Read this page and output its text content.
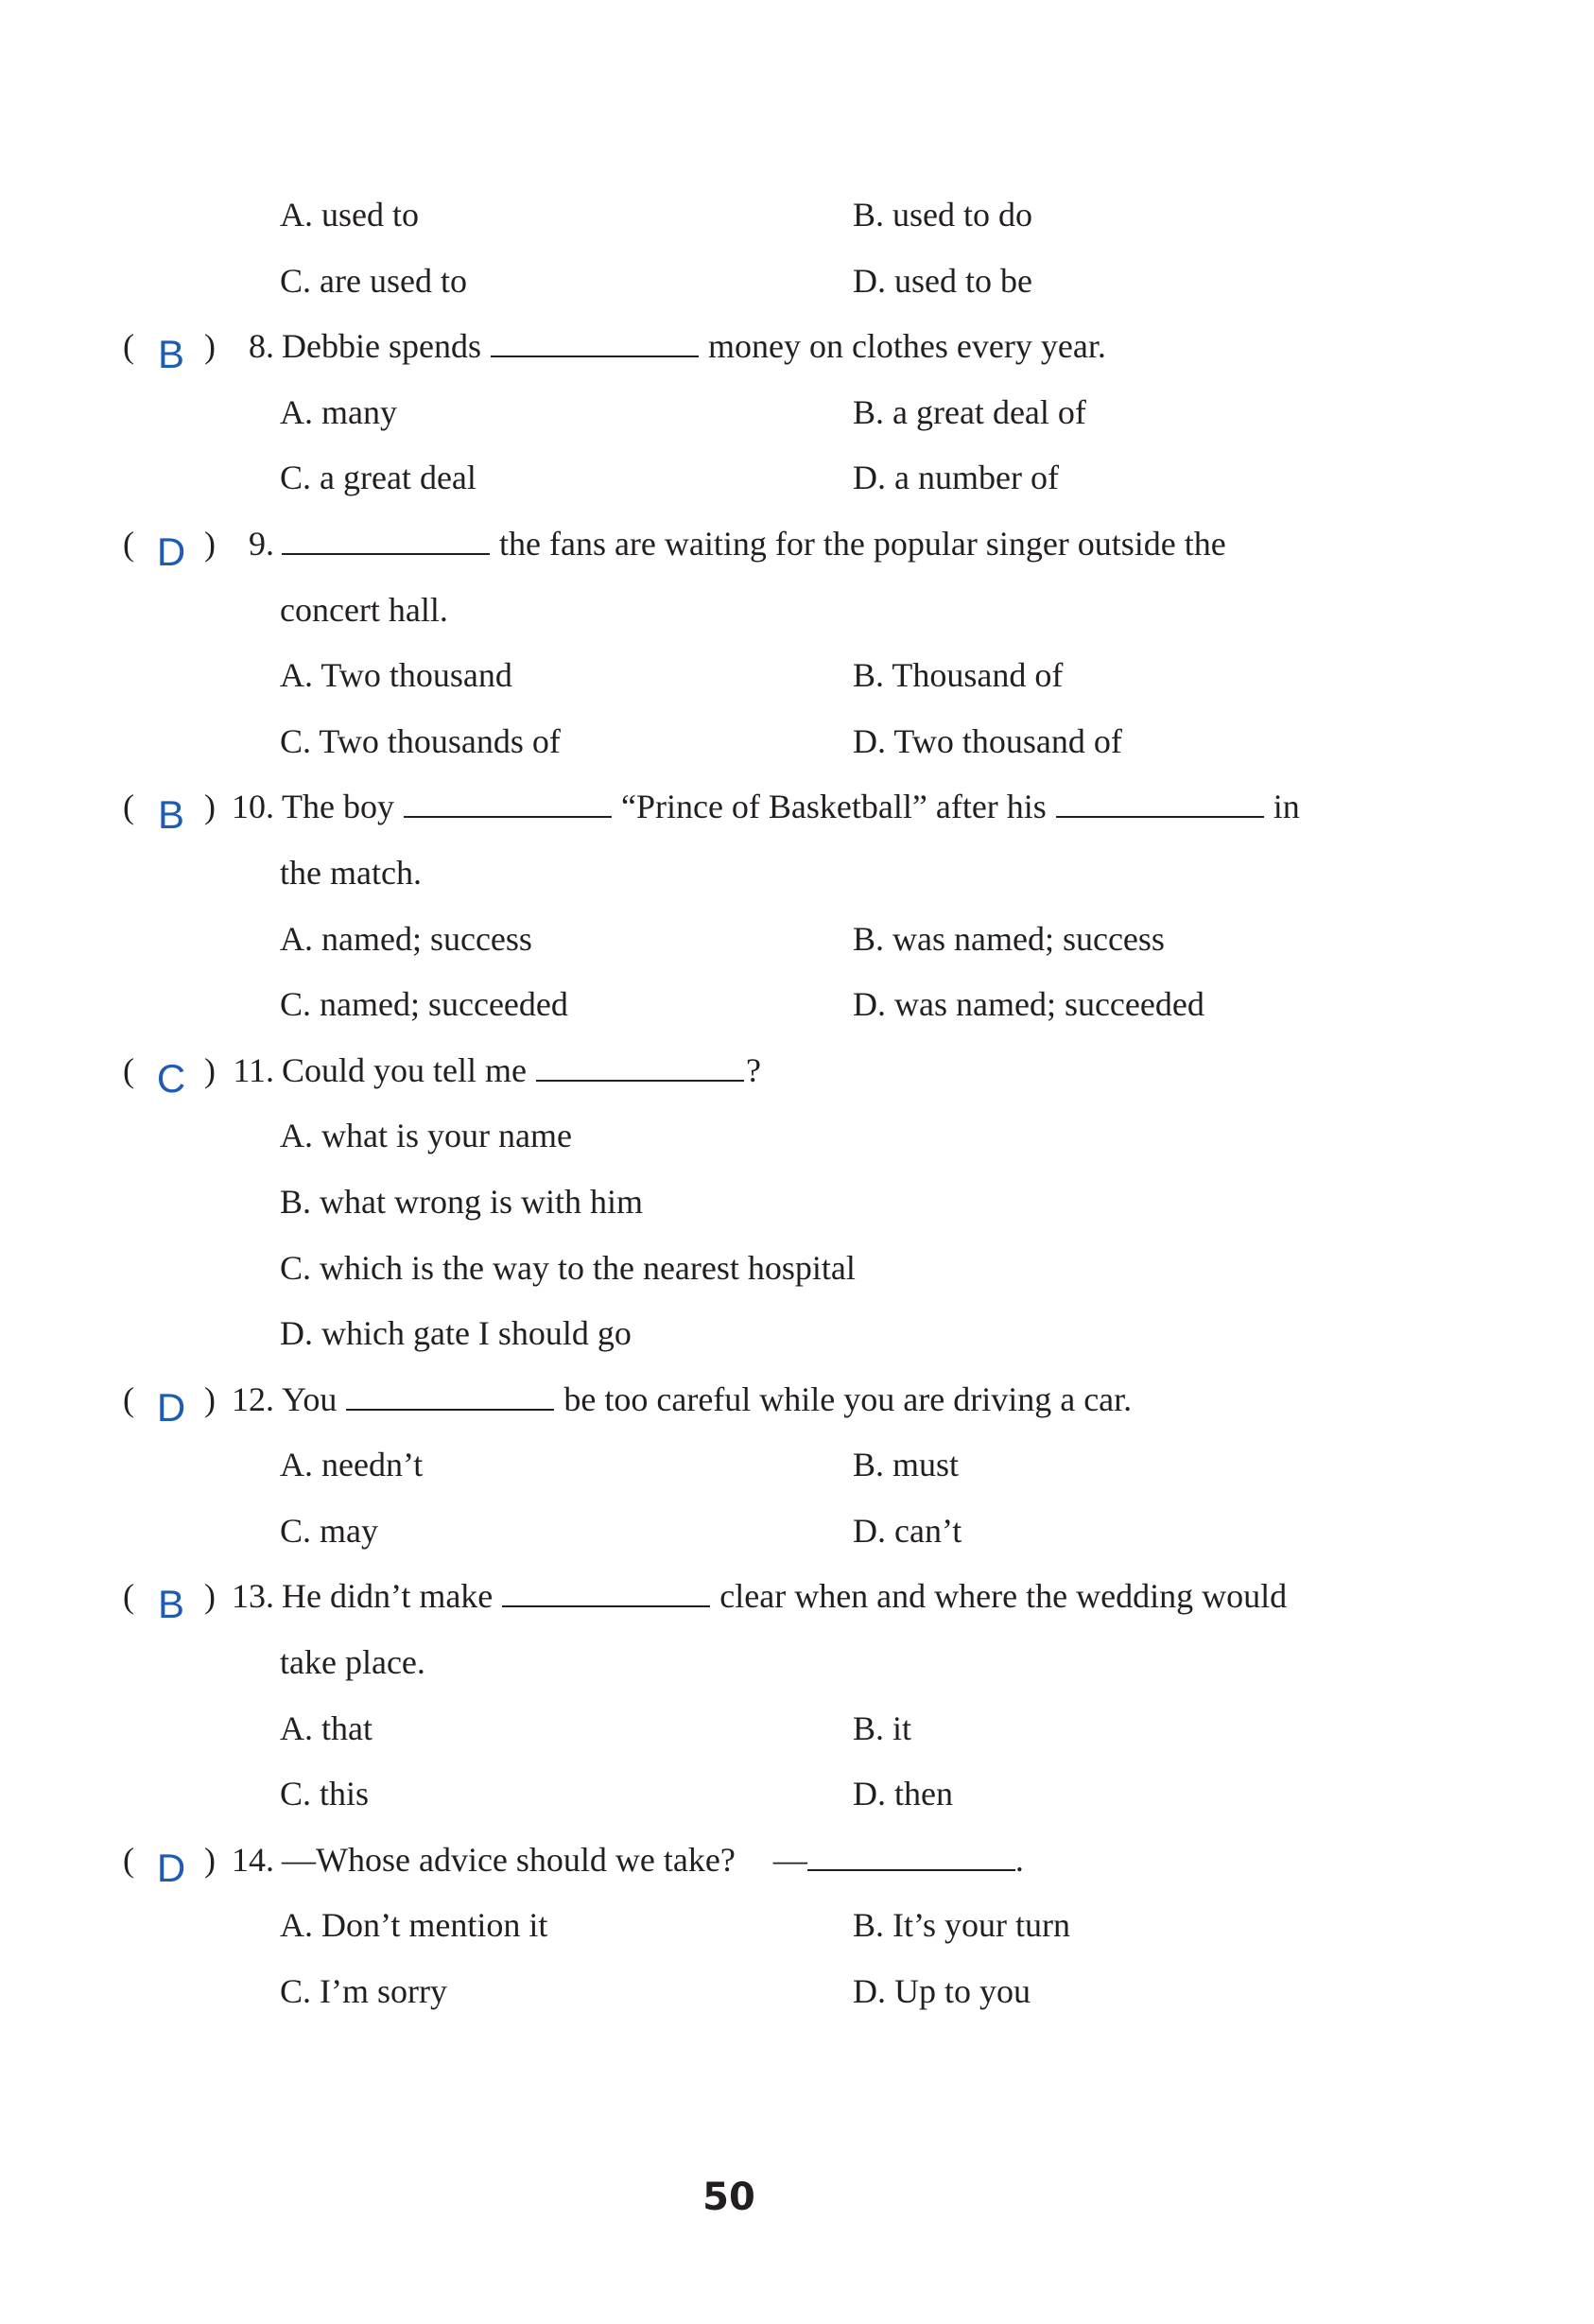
A. used to	B. used to do
C. are used to	D. used to be
( B ) 8. Debbie spends	money on clothes every year.
A. many	B. a great deal of
C. a great deal	D. a number of
( D ) 9.	the fans are waiting for the popular singer outside the
concert hall.
A. Two thousand	B. Thousand of
C. Two thousands of	D. Two thousand of
( B ) 10. The boy	“Prince of Basketball” after his	in
the match.
A. named; success	B. was named; success
C. named; succeeded	D. was named; succeeded
( C ) 11. Could you tell me	?
A. what is your name
B. what wrong is with him
C. which is the way to the nearest hospital
D. which gate I should go
( D ) 12. You	be too careful while you are driving a car.
A. needn’t	B. must
C. may	D. can’t
( B ) 13. He didn’t make	clear when and where the wedding would
take place.
A. that	B. it
C. this	D. then
( D ) 14. —Whose advice should we take? —	.
A. Don’t mention it	B. It’s your turn
C. I’m sorry	D. Up to you
50
